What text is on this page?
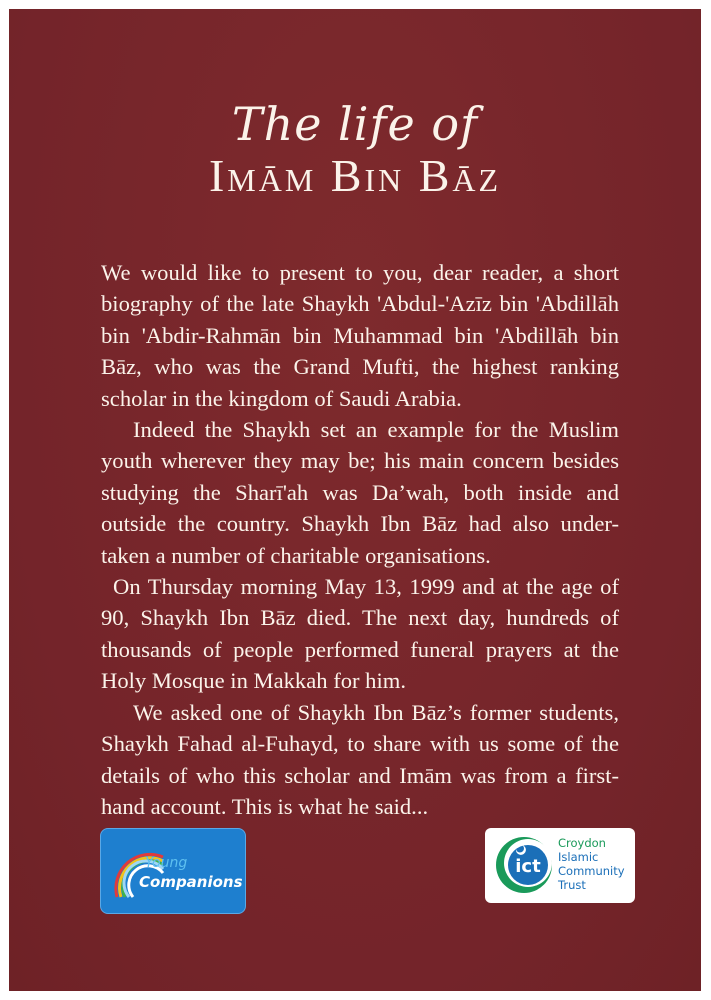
The life of
Imām Bin Bāz

We would like to present to you, dear reader, a short biography of the late Shaykh 'Abdul-'Azīz bin 'Abdillāh bin 'Abdir-Rahmān bin Muhammad bin 'Abdillāh bin Bāz, who was the Grand Mufti, the highest ranking scholar in the kingdom of Saudi Arabia.

Indeed the Shaykh set an example for the Muslim youth wherever they may be; his main concern besides studying the Sharī'ah was Da’wah, both inside and outside the country. Shaykh Ibn Bāz had also under-taken a number of charitable organisations.

On Thursday morning May 13, 1999 and at the age of 90, Shaykh Ibn Bāz died. The next day, hundreds of thousands of people performed funeral prayers at the Holy Mosque in Makkah for him.

We asked one of Shaykh Ibn Bāz’s former students, Shaykh Fahad al-Fuhayd, to share with us some of the details of who this scholar and Imām was from a first-hand account. This is what he said...

Young
Companions
ict
Croydon
Islamic
Community
Trust
